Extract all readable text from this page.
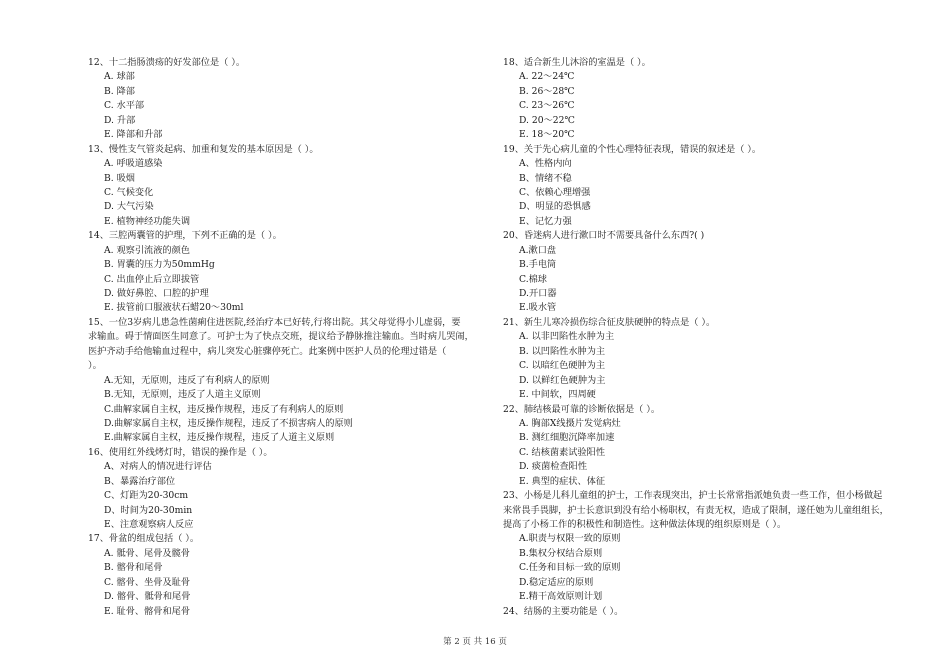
12、十二指肠溃疡的好发部位是（ ）。
A. 球部
B. 降部
C. 水平部
D. 升部
E. 降部和升部
13、慢性支气管炎起病、加重和复发的基本原因是（ ）。
A. 呼吸道感染
B. 吸烟
C. 气候变化
D. 大气污染
E. 植物神经功能失调
14、三腔两囊管的护理，下列不正确的是（ ）。
A. 观察引流液的颜色
B. 胃囊的压力为50mmHg
C. 出血停止后立即拔管
D. 做好鼻腔、口腔的护理
E. 拔管前口服液状石蜡20～30ml
15、一位3岁病儿患急性菌痢住进医院,经治疗本已好转,行将出院。其父母觉得小儿虚弱，要
求输血。碍于情面医生同意了。可护士为了快点交班，提议给予静脉推注输血。当时病儿哭闹，
医护齐动手给他输血过程中，病儿突发心脏骤停死亡。此案例中医护人员的伦理过错是（
）。
A.无知，无原则，违反了有利病人的原则
B.无知，无原则，违反了人道主义原则
C.曲解家属自主权，违反操作规程，违反了有利病人的原则
D.曲解家属自主权，违反操作规程，违反了不损害病人的原则
E.曲解家属自主权，违反操作规程，违反了人道主义原则
16、使用红外线烤灯时，错误的操作是（ ）。
A、对病人的情况进行评估
B、暴露治疗部位
C、灯距为20-30cm
D、时间为20-30min
E、注意观察病人反应
17、骨盆的组成包括（ ）。
A. 骶骨、尾骨及髋骨
B. 髂骨和尾骨
C. 髂骨、坐骨及耻骨
D. 髂骨、骶骨和尾骨
E. 耻骨、髂骨和尾骨
18、适合新生儿沐浴的室温是（ ）。
A. 22～24℃
B. 26～28℃
C. 23～26℃
D. 20～22℃
E. 18～20℃
19、关于先心病儿童的个性心理特征表现，错误的叙述是（ ）。
A、性格内向
B、情绪不稳
C、依赖心理增强
D、明显的恐惧感
E、记忆力强
20、昏迷病人进行漱口时不需要具备什么东西?( )
A.漱口盘
B.手电筒
C.棉球
D.开口器
E.吸水管
21、新生儿寒冷损伤综合征皮肤硬肿的特点是（ ）。
A. 以非凹陷性水肿为主
B. 以凹陷性水肿为主
C. 以暗红色硬肿为主
D. 以鲜红色硬肿为主
E. 中间软，四周硬
22、肺结核最可靠的诊断依据是（ ）。
A. 胸部X线摄片发觉病灶
B. 测红细胞沉降率加速
C. 结核菌素试验阳性
D. 痰菌检查阳性
E. 典型的症状、体征
23、小杨是儿科儿童组的护士，工作表现突出，护士长常常指派她负责一些工作，但小杨做起
来常畏手畏脚，护士长意识到没有给小杨职权，有责无权，造成了限制，遂任她为儿童组组长，
提高了小杨工作的积极性和制造性。这种做法体现的组织原则是（ ）。
A.职责与权限一致的原则
B.集权分权结合原则
C.任务和目标一致的原则
D.稳定适应的原则
E.精干高效原则计划
24、结肠的主要功能是（ ）。
第 2 页 共 16 页
